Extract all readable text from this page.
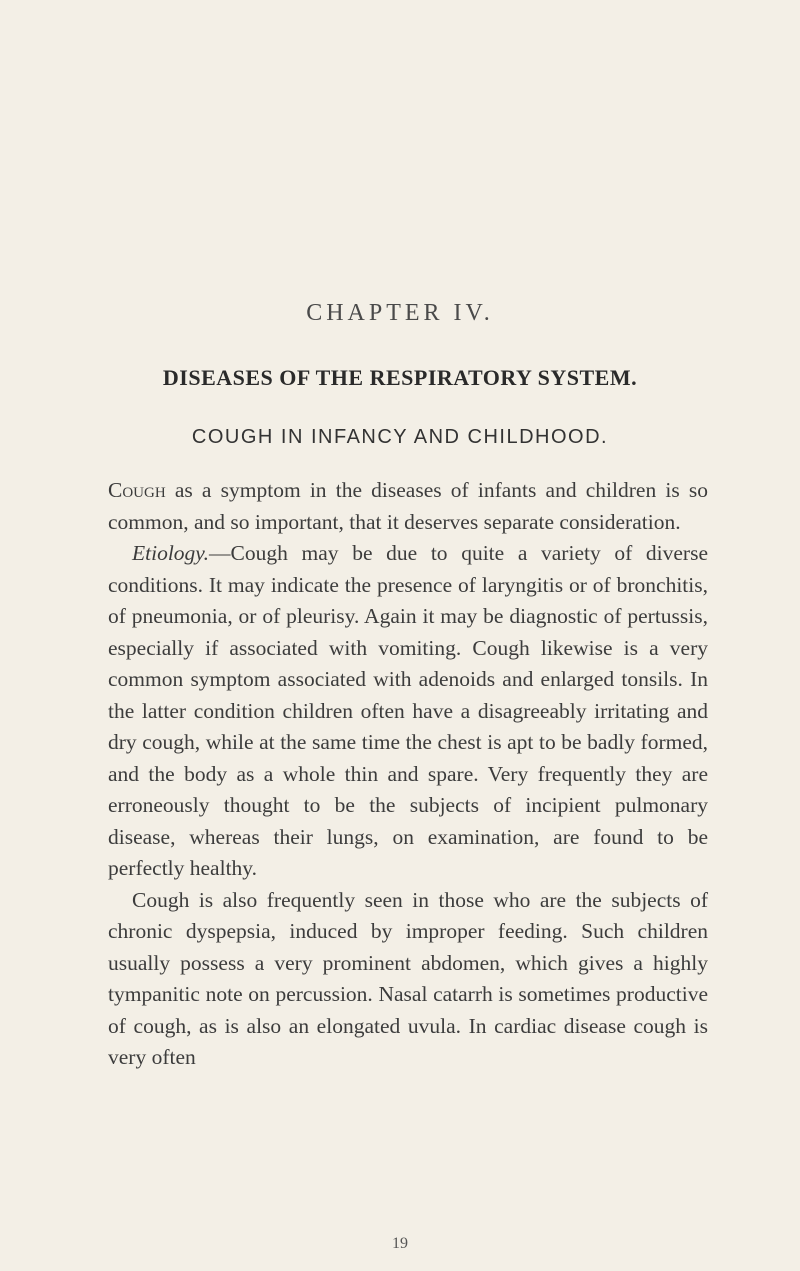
CHAPTER IV.
DISEASES OF THE RESPIRATORY SYSTEM.
COUGH IN INFANCY AND CHILDHOOD.

Cough as a symptom in the diseases of infants and children is so common, and so important, that it deserves separate consideration.

Etiology.—Cough may be due to quite a variety of diverse conditions. It may indicate the presence of laryngitis or of bronchitis, of pneumonia, or of pleurisy. Again it may be diagnostic of pertussis, especially if associated with vomiting. Cough likewise is a very common symptom associated with adenoids and enlarged tonsils. In the latter condition children often have a disagreeably irritating and dry cough, while at the same time the chest is apt to be badly formed, and the body as a whole thin and spare. Very frequently they are erroneously thought to be the subjects of incipient pulmonary disease, whereas their lungs, on examination, are found to be perfectly healthy.

Cough is also frequently seen in those who are the subjects of chronic dyspepsia, induced by improper feeding. Such children usually possess a very prominent abdomen, which gives a highly tympanitic note on percussion. Nasal catarrh is sometimes productive of cough, as is also an elongated uvula. In cardiac disease cough is very often

19
